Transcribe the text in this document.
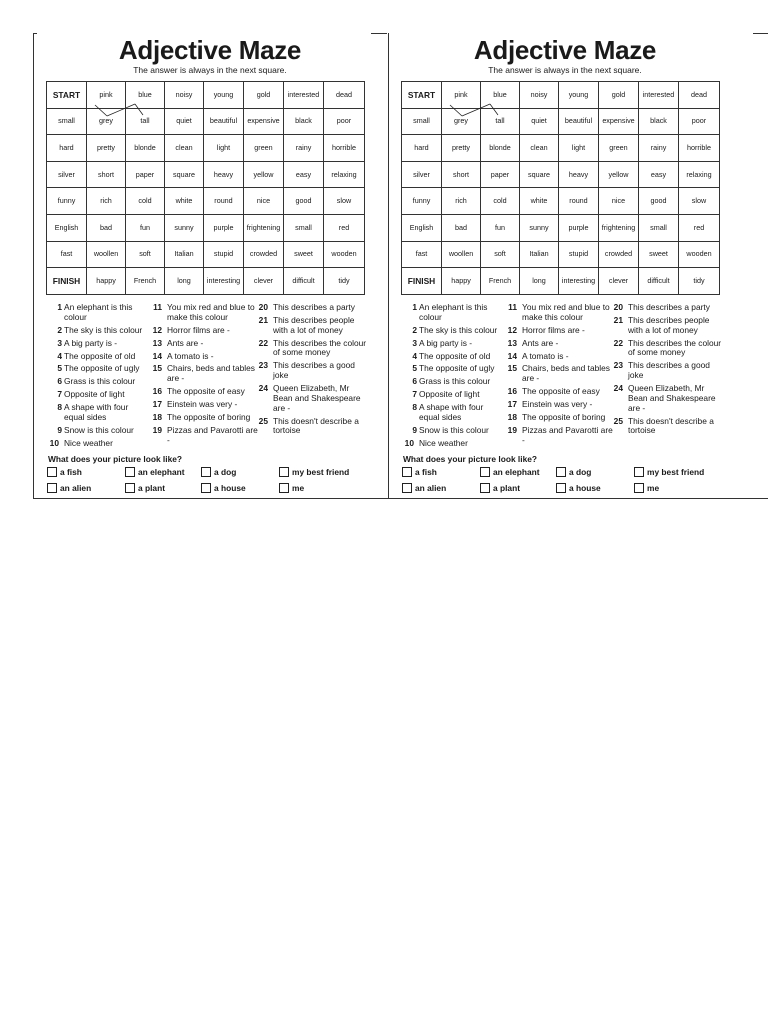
Adjective Maze
The answer is always in the next square.
START	pink	blue	noisy	young	gold	interested	dead
small	grey	tall	quiet	beautiful	expensive	black	poor
hard	pretty	blonde	clean	light	green	rainy	horrible
silver	short	paper	square	heavy	yellow	easy	relaxing
funny	rich	cold	white	round	nice	good	slow
English	bad	fun	sunny	purple	frightening	small	red
fast	woollen	soft	Italian	stupid	crowded	sweet	wooden
FINISH	happy	French	long	interesting	clever	difficult	tidy
1 An elephant is this colour
2 The sky is this colour
3 A big party is -
4 The opposite of old
5 The opposite of ugly
6 Grass is this colour
7 Opposite of light
8 A shape with four equal sides
9 Snow is this colour
10 Nice weather
11 You mix red and blue to make this colour
12 Horror films are -
13 Ants are -
14 A tomato is -
15 Chairs, beds and tables are -
16 The opposite of easy
17 Einstein was very -
18 The opposite of boring
19 Pizzas and Pavarotti are -
20 This describes a party
21 This describes people with a lot of money
22 This describes the colour of some money
23 This describes a good joke
24 Queen Elizabeth, Mr Bean and Shakespeare are -
25 This doesn't describe a tortoise
What does your picture look like?
a fish	an elephant	a dog	my best friend
an alien	a plant	a house	me
Adjective Maze
The answer is always in the next square.
START	pink	blue	noisy	young	gold	interested	dead
small	grey	tall	quiet	beautiful	expensive	black	poor
hard	pretty	blonde	clean	light	green	rainy	horrible
silver	short	paper	square	heavy	yellow	easy	relaxing
funny	rich	cold	white	round	nice	good	slow
English	bad	fun	sunny	purple	frightening	small	red
fast	woollen	soft	Italian	stupid	crowded	sweet	wooden
FINISH	happy	French	long	interesting	clever	difficult	tidy
1 An elephant is this colour
2 The sky is this colour
3 A big party is -
4 The opposite of old
5 The opposite of ugly
6 Grass is this colour
7 Opposite of light
8 A shape with four equal sides
9 Snow is this colour
10 Nice weather
11 You mix red and blue to make this colour
12 Horror films are -
13 Ants are -
14 A tomato is -
15 Chairs, beds and tables are -
16 The opposite of easy
17 Einstein was very -
18 The opposite of boring
19 Pizzas and Pavarotti are -
20 This describes a party
21 This describes people with a lot of money
22 This describes the colour of some money
23 This describes a good joke
24 Queen Elizabeth, Mr Bean and Shakespeare are -
25 This doesn't describe a tortoise
What does your picture look like?
a fish	an elephant	a dog	my best friend
an alien	a plant	a house	me
